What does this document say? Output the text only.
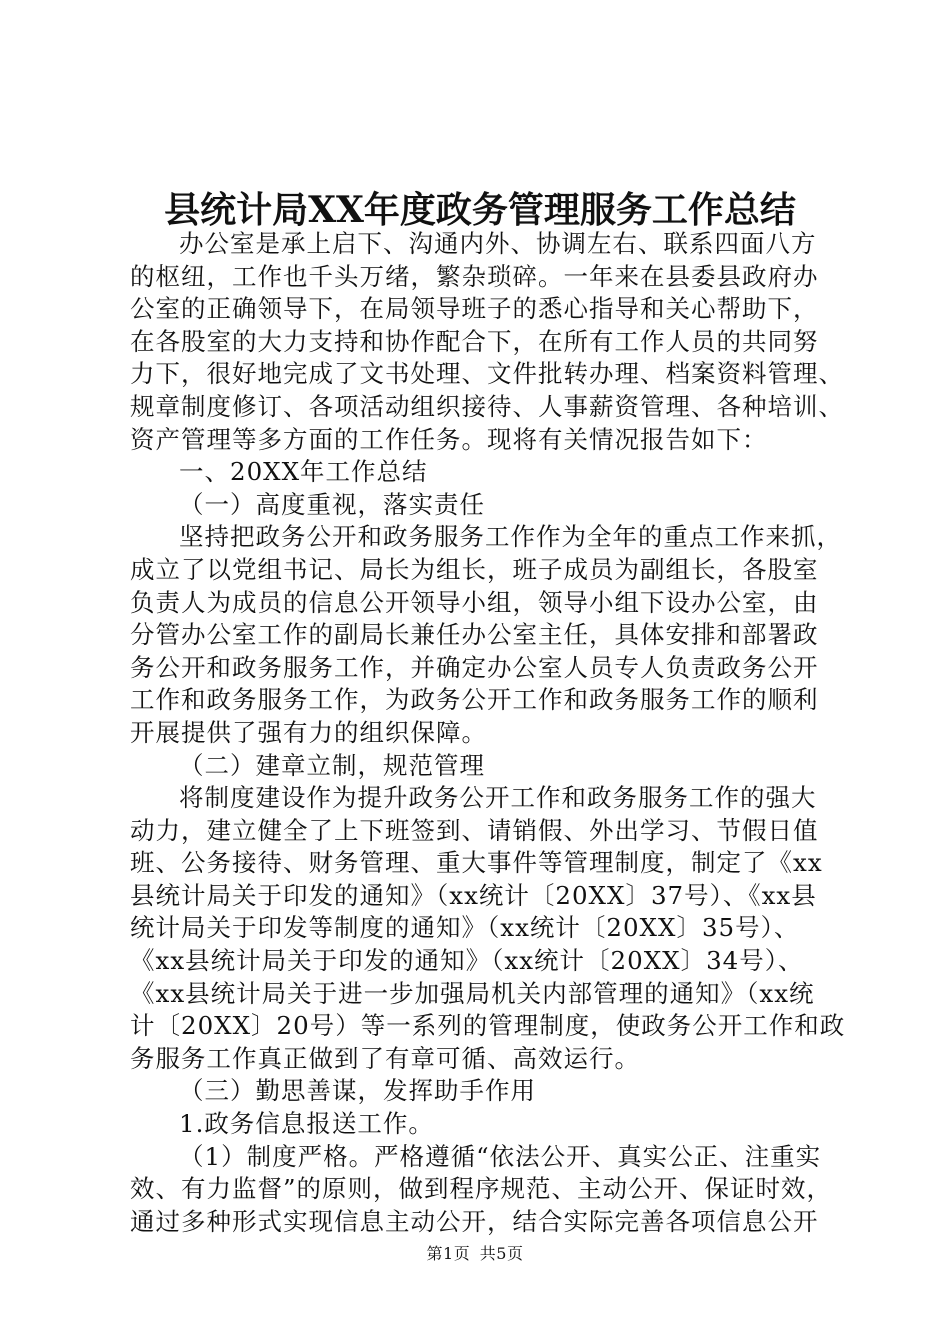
县统计局XX年度政务管理服务工作总结
办公室是承上启下、沟通内外、协调左右、联系四面八方
的枢纽，工作也千头万绪，繁杂琐碎。一年来在县委县政府办
公室的正确领导下，在局领导班子的悉心指导和关心帮助下，
在各股室的大力支持和协作配合下，在所有工作人员的共同努
力下，很好地完成了文书处理、文件批转办理、档案资料管理、
规章制度修订、各项活动组织接待、人事薪资管理、各种培训、
资产管理等多方面的工作任务。现将有关情况报告如下：
一、20XX年工作总结
（一）高度重视，落实责任
坚持把政务公开和政务服务工作作为全年的重点工作来抓，
成立了以党组书记、局长为组长，班子成员为副组长，各股室
负责人为成员的信息公开领导小组，领导小组下设办公室，由
分管办公室工作的副局长兼任办公室主任，具体安排和部署政
务公开和政务服务工作，并确定办公室人员专人负责政务公开
工作和政务服务工作，为政务公开工作和政务服务工作的顺利
开展提供了强有力的组织保障。
（二）建章立制，规范管理
将制度建设作为提升政务公开工作和政务服务工作的强大
动力，建立健全了上下班签到、请销假、外出学习、节假日值
班、公务接待、财务管理、重大事件等管理制度，制定了《xx
县统计局关于印发的通知》（xx统计〔20XX〕37号）、《xx县
统计局关于印发等制度的通知》（xx统计〔20XX〕35号）、
《xx县统计局关于印发的通知》（xx统计〔20XX〕34号）、
《xx县统计局关于进一步加强局机关内部管理的通知》（xx统
计〔20XX〕20号）等一系列的管理制度，使政务公开工作和政
务服务工作真正做到了有章可循、高效运行。
（三）勤思善谋，发挥助手作用
1.政务信息报送工作。
（1）制度严格。严格遵循“依法公开、真实公正、注重实
效、有力监督”的原则，做到程序规范、主动公开、保证时效，
通过多种形式实现信息主动公开，结合实际完善各项信息公开
第1页 共5页
